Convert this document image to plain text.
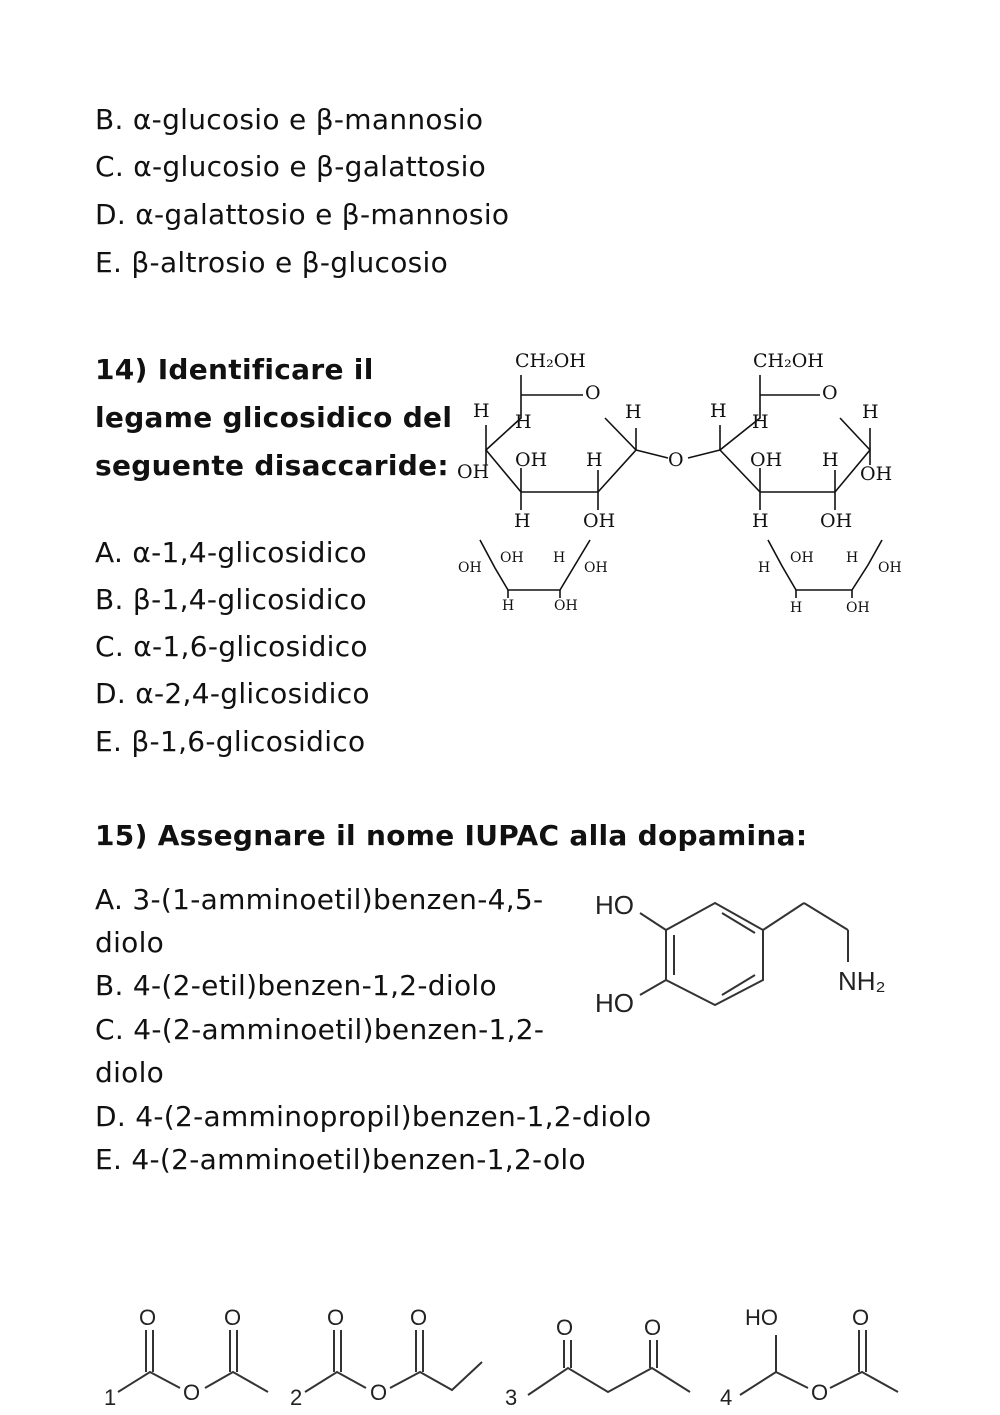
B. α-glucosio e β-mannosio
C. α-glucosio e β-galattosio
D. α-galattosio e β-mannosio
E. β-altrosio e β-glucosio
14) Identificare il
legame glicosidico del
seguente disaccaride:
A. α-1,4-glicosidico
B. β-1,4-glicosidico
C. α-1,6-glicosidico
D. α-2,4-glicosidico
E. β-1,6-glicosidico
CH₂OH
O
H H	H
OH
OH H
H	OH
O
CH₂OH
O
H H	H
OH H
OH
H	OH
OH
OH H
OH
H	OH
H
OH H
OH
H	OH
15) Assegnare il nome IUPAC alla dopamina:
A. 3-(1-amminoetil)benzen-4,5-
diolo
B. 4-(2-etil)benzen-1,2-diolo
C. 4-(2-amminoetil)benzen-1,2-
diolo
D. 4-(2-amminopropil)benzen-1,2-diolo
E. 4-(2-amminoetil)benzen-1,2-olo
HO
HO
NH₂
O	O
O
1
O	O
O
2
O	O
3
HO	O
O
4
